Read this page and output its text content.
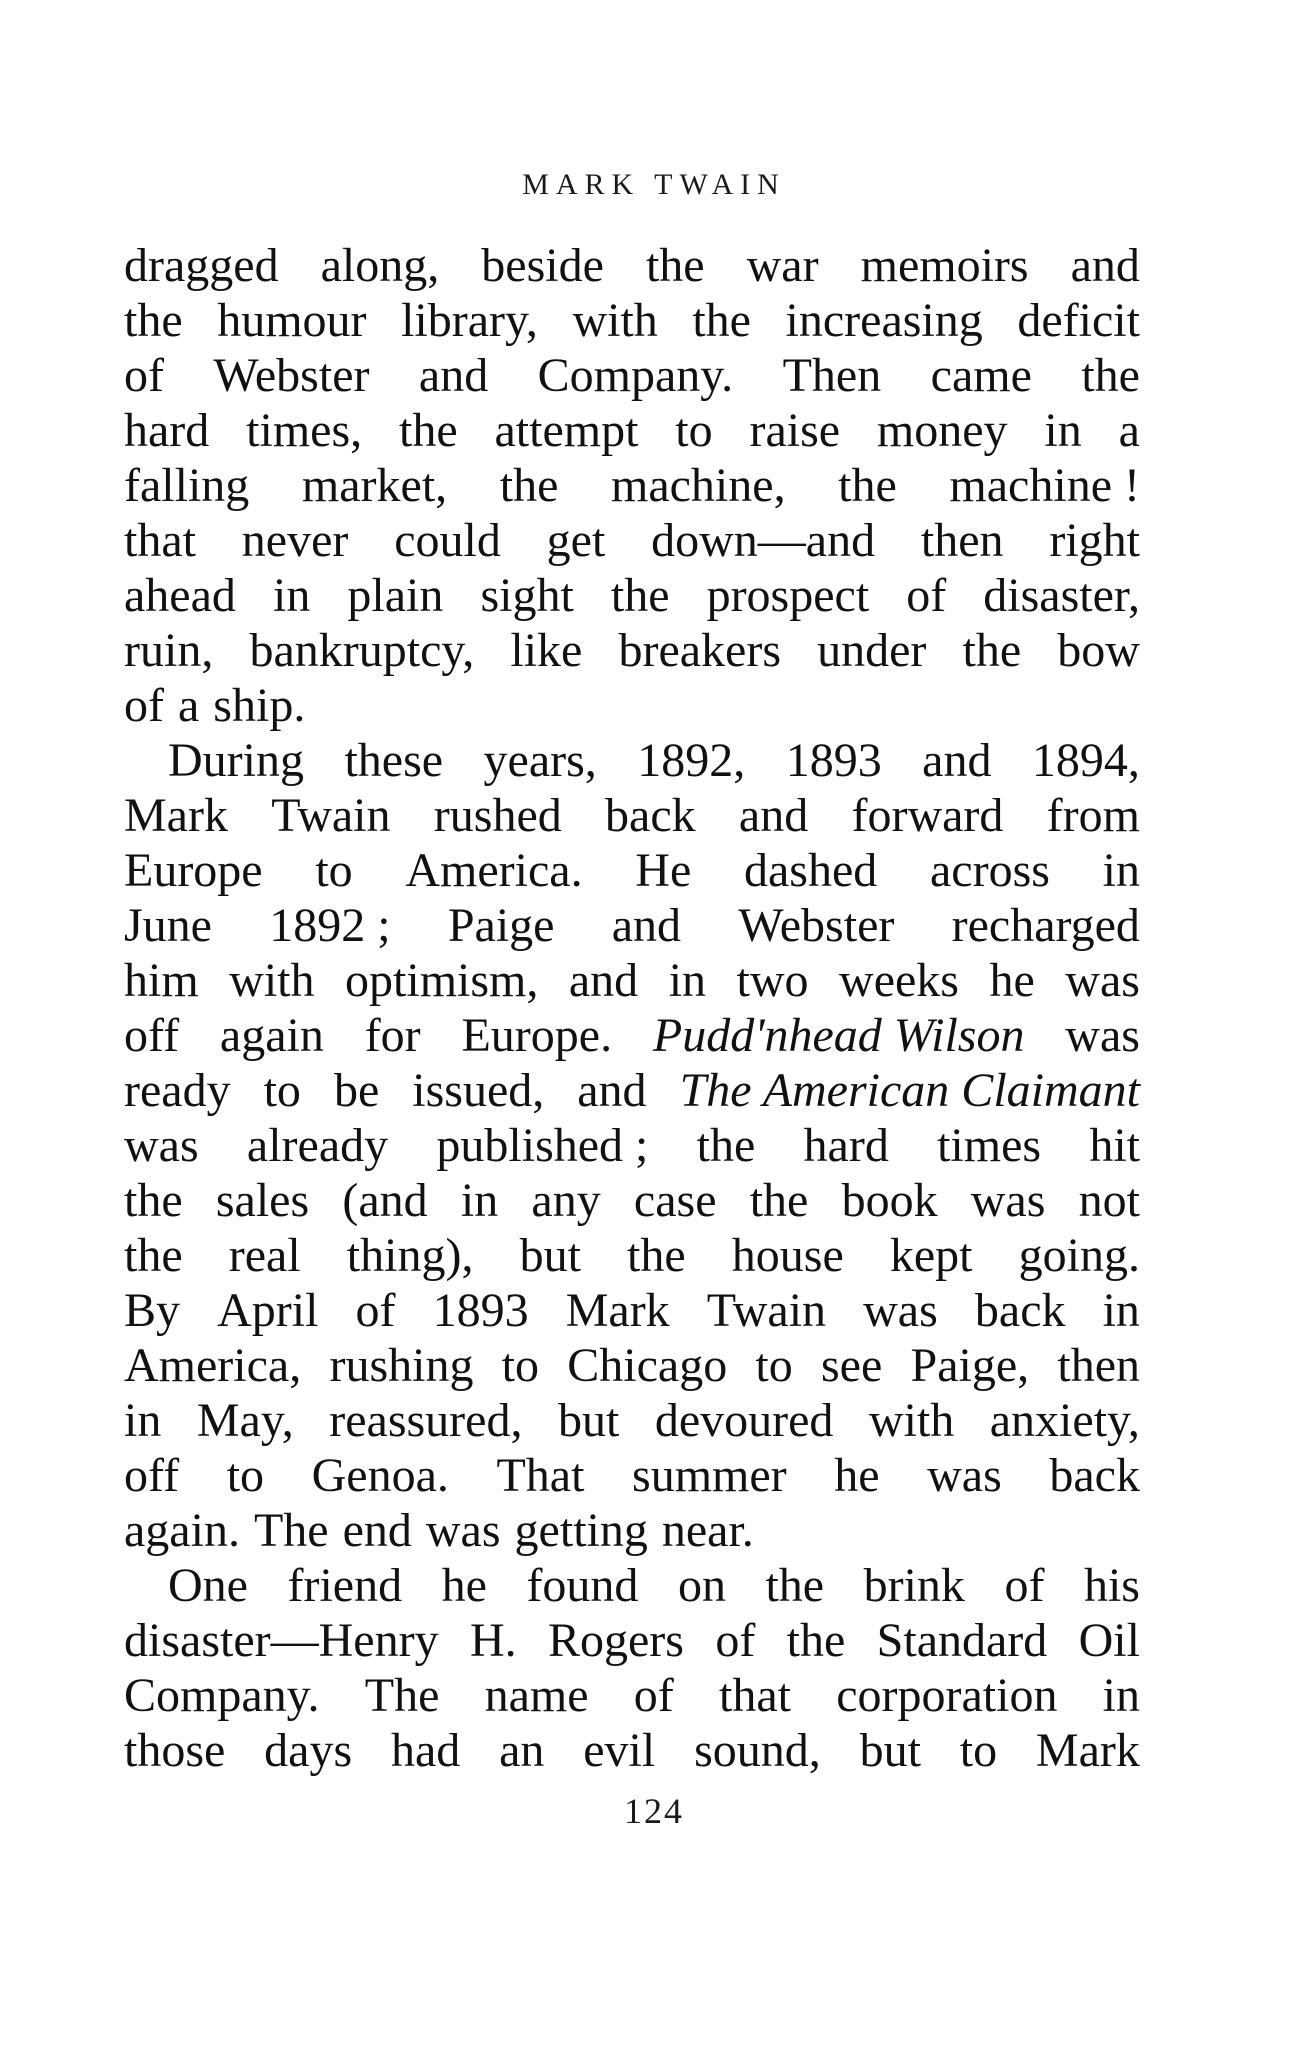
MARK TWAIN
dragged along, beside the war memoirs and
the humour library, with the increasing deficit
of Webster and Company. Then came the
hard times, the attempt to raise money in a
falling market, the machine, the machine !
that never could get down—and then right
ahead in plain sight the prospect of disaster,
ruin, bankruptcy, like breakers under the bow
of a ship.
During these years, 1892, 1893 and 1894,
Mark Twain rushed back and forward from
Europe to America. He dashed across in
June 1892 ; Paige and Webster recharged
him with optimism, and in two weeks he was
off again for Europe. Pudd'nhead Wilson was
ready to be issued, and The American Claimant
was already published ; the hard times hit
the sales (and in any case the book was not
the real thing), but the house kept going.
By April of 1893 Mark Twain was back in
America, rushing to Chicago to see Paige, then
in May, reassured, but devoured with anxiety,
off to Genoa. That summer he was back
again. The end was getting near.
One friend he found on the brink of his
disaster—Henry H. Rogers of the Standard Oil
Company. The name of that corporation in
those days had an evil sound, but to Mark
124
